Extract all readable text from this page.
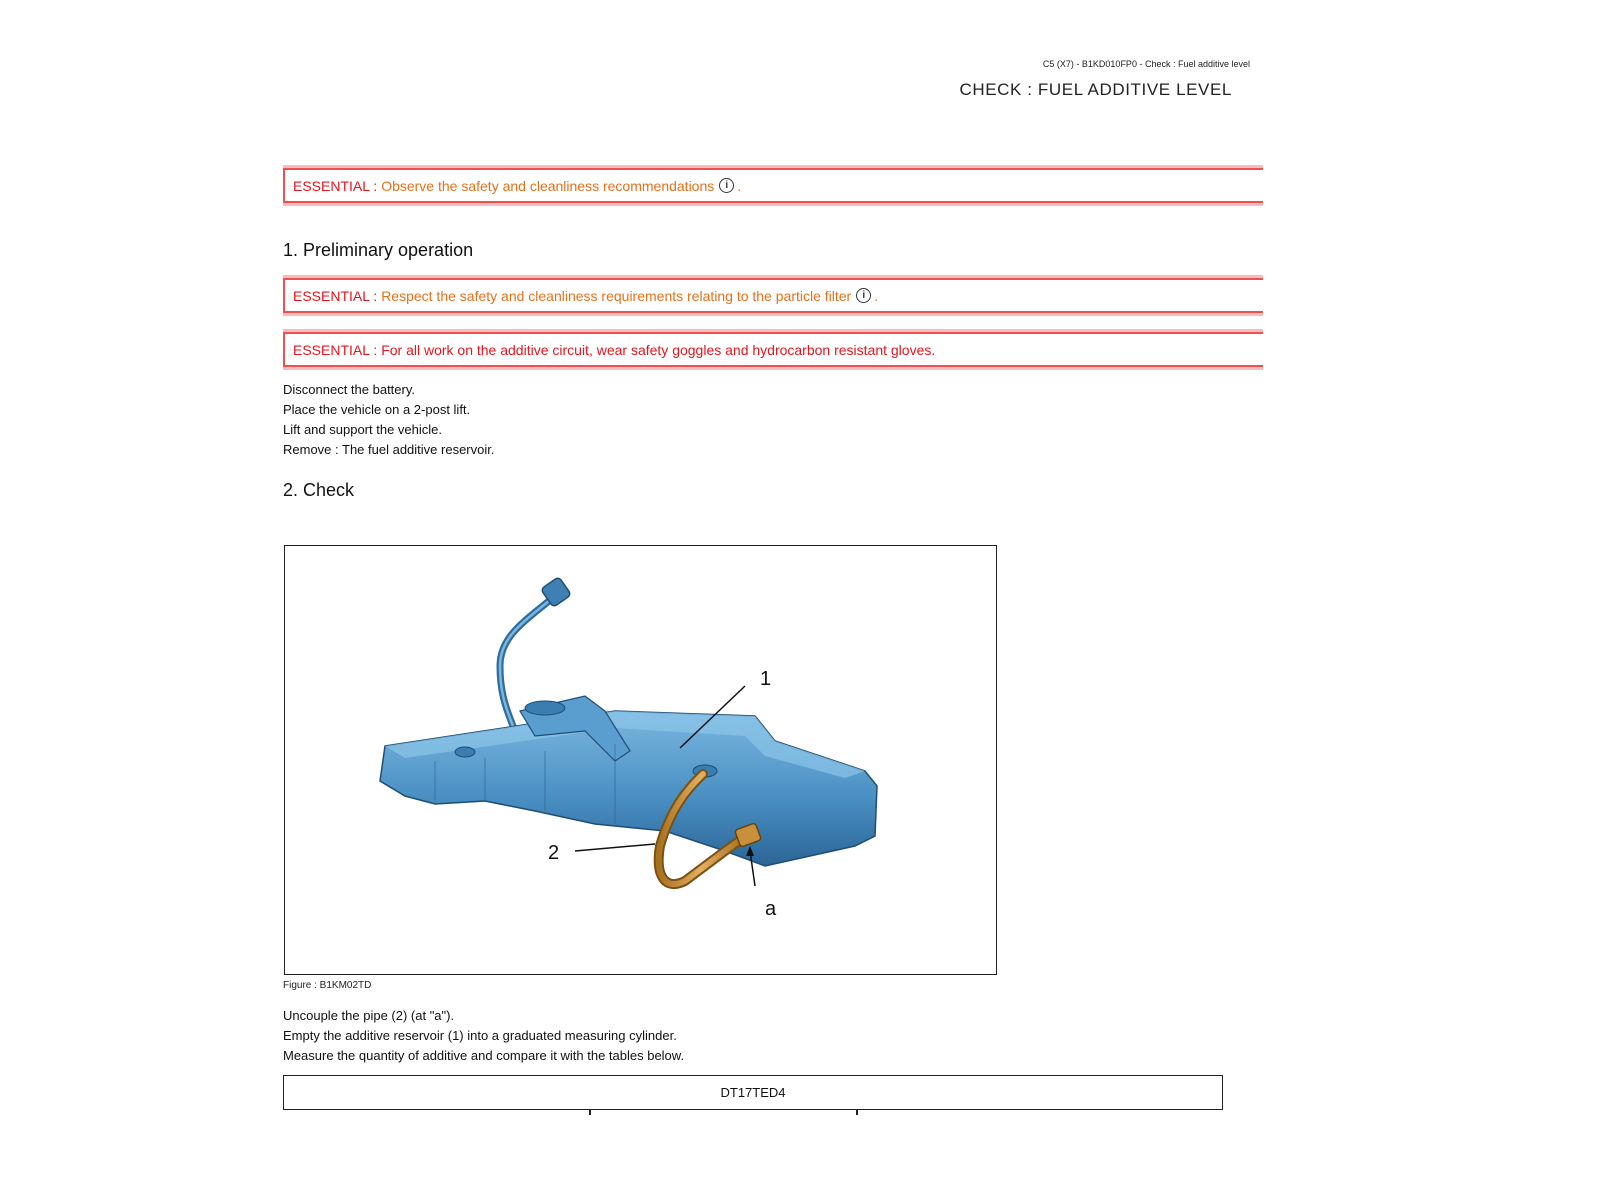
C5 (X7) - B1KD010FP0 - Check : Fuel additive level
CHECK : FUEL ADDITIVE LEVEL
ESSENTIAL :
Observe the safety and cleanliness recommendations	i .
1. Preliminary operation
ESSENTIAL :
Respect the safety and cleanliness requirements relating to the particle filter	i .
ESSENTIAL :
For all work on the additive circuit, wear safety goggles and hydrocarbon resistant gloves.
Disconnect the battery.
Place the vehicle on a 2-post lift.
Lift and support the vehicle.
Remove : The fuel additive reservoir.
2. Check
1
2
a
Figure : B1KM02TD
Uncouple the pipe (2) (at "a").
Empty the additive reservoir (1) into a graduated measuring cylinder.
Measure the quantity of additive and compare it with the tables below.
DT17TED4
